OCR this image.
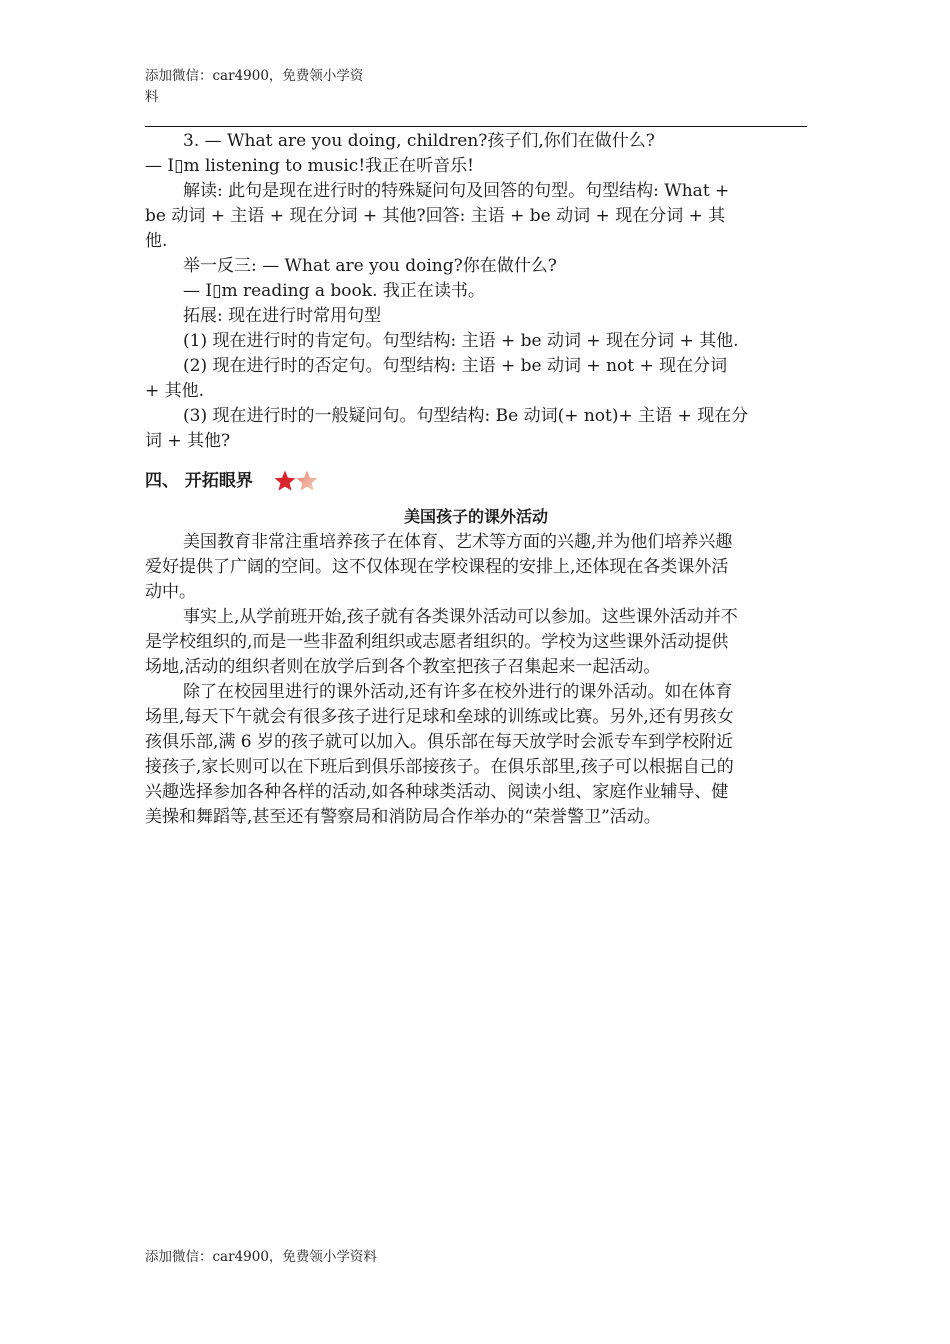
添加微信：car4900，免费领小学资
料

3. — What are you doing, children?孩子们,你们在做什么?

— I▯m listening to music!我正在听音乐!

解读: 此句是现在进行时的特殊疑问句及回答的句型。句型结构: What +

be 动词 + 主语 + 现在分词 + 其他?回答: 主语 + be 动词 + 现在分词 + 其

他.

举一反三: — What are you doing?你在做什么?

— I▯m reading a book. 我正在读书。

拓展: 现在进行时常用句型

(1) 现在进行时的肯定句。句型结构: 主语 + be 动词 + 现在分词 + 其他.

(2) 现在进行时的否定句。句型结构: 主语 + be 动词 + not + 现在分词

+ 其他.

(3) 现在进行时的一般疑问句。句型结构: Be 动词(+ not)+ 主语 + 现在分

词 + 其他?

四、 开拓眼界
美国孩子的课外活动

美国教育非常注重培养孩子在体育、艺术等方面的兴趣,并为他们培养兴趣
爱好提供了广阔的空间。这不仅体现在学校课程的安排上,还体现在各类课外活
动中。

事实上,从学前班开始,孩子就有各类课外活动可以参加。这些课外活动并不
是学校组织的,而是一些非盈利组织或志愿者组织的。学校为这些课外活动提供
场地,活动的组织者则在放学后到各个教室把孩子召集起来一起活动。

除了在校园里进行的课外活动,还有许多在校外进行的课外活动。如在体育
场里,每天下午就会有很多孩子进行足球和垒球的训练或比赛。另外,还有男孩女
孩俱乐部,满 6 岁的孩子就可以加入。俱乐部在每天放学时会派专车到学校附近
接孩子,家长则可以在下班后到俱乐部接孩子。在俱乐部里,孩子可以根据自己的
兴趣选择参加各种各样的活动,如各种球类活动、阅读小组、家庭作业辅导、健
美操和舞蹈等,甚至还有警察局和消防局合作举办的“荣誉警卫”活动。

添加微信：car4900，免费领小学资料
